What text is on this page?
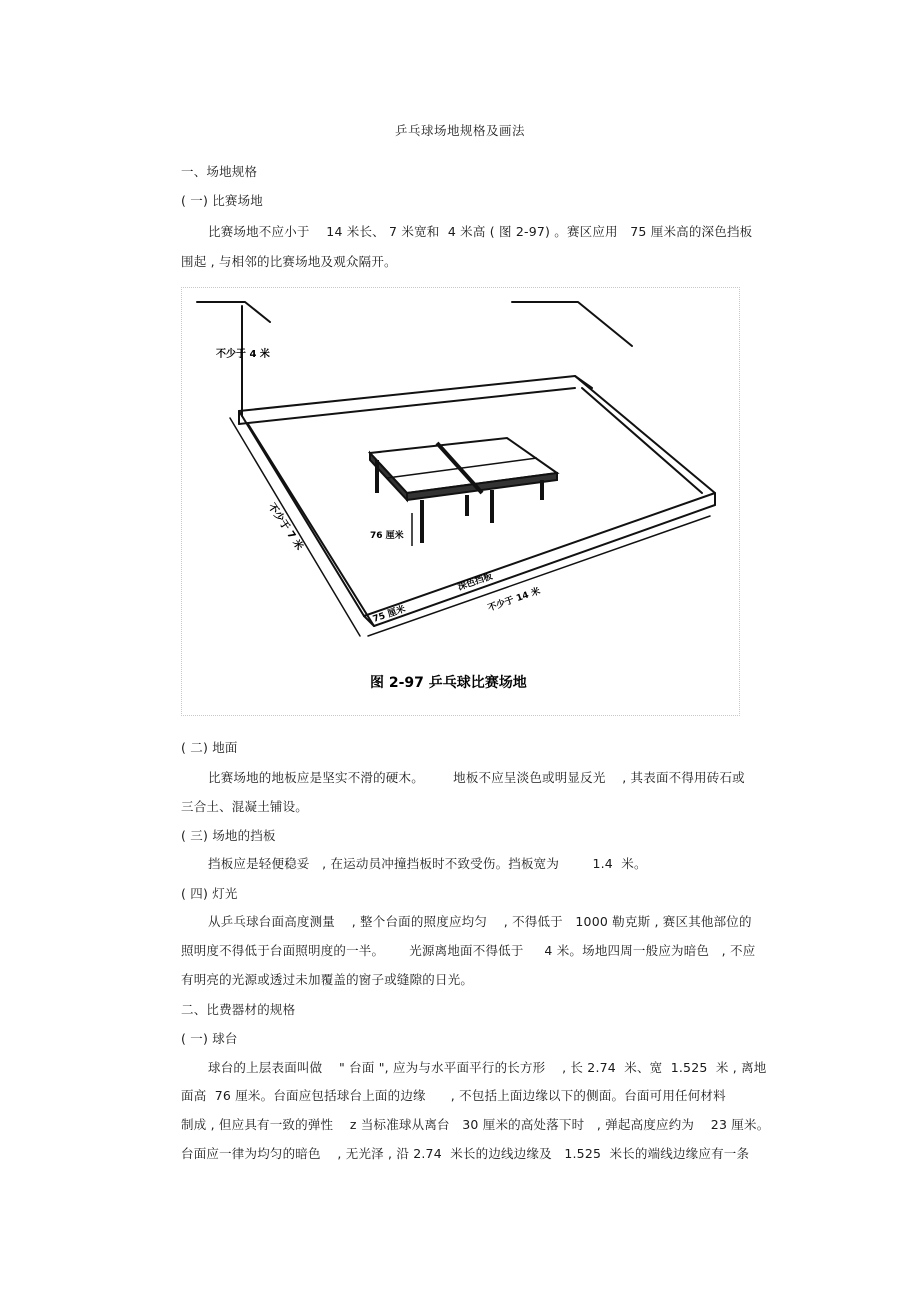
乒乓球场地规格及画法
一、场地规格
( 一) 比赛场地
比赛场地不应小于    14 米长、 7 米宽和  4 米高 ( 图 2-97) 。赛区应用   75 厘米高的深色挡板
围起 , 与相邻的比赛场地及观众隔开。
不少于 4 米
76 厘米
不少于 7 米
深色挡板
不少于 14 米
75 厘米
图 2-97 乒乓球比赛场地
( 二) 地面
比赛场地的地板应是坚实不滑的硬木。       地板不应呈淡色或明显反光    , 其表面不得用砖石或
三合土、混凝土铺设。
( 三) 场地的挡板
挡板应是轻便稳妥   , 在运动员冲撞挡板时不致受伤。挡板宽为        1.4  米。
( 四) 灯光
从乒乓球台面高度测量    , 整个台面的照度应均匀    , 不得低于   1000 勒克斯 , 赛区其他部位的
照明度不得低于台面照明度的一半。      光源离地面不得低于     4 米。场地四周一般应为暗色   , 不应
有明亮的光源或透过未加覆盖的窗子或缝隙的日光。
二、比费器材的规格
( 一) 球台
球台的上层表面叫做    " 台面 ", 应为与水平面平行的长方形    , 长 2.74  米、宽  1.525  米 , 离地
面高  76 厘米。台面应包括球台上面的边缘      , 不包括上面边缘以下的侧面。台面可用任何材料
制成 , 但应具有一致的弹性    z 当标准球从离台   30 厘米的高处落下时   , 弹起高度应约为    23 厘米。
台面应一律为均匀的暗色    , 无光泽 , 沿 2.74  米长的边线边缘及   1.525  米长的端线边缘应有一条
